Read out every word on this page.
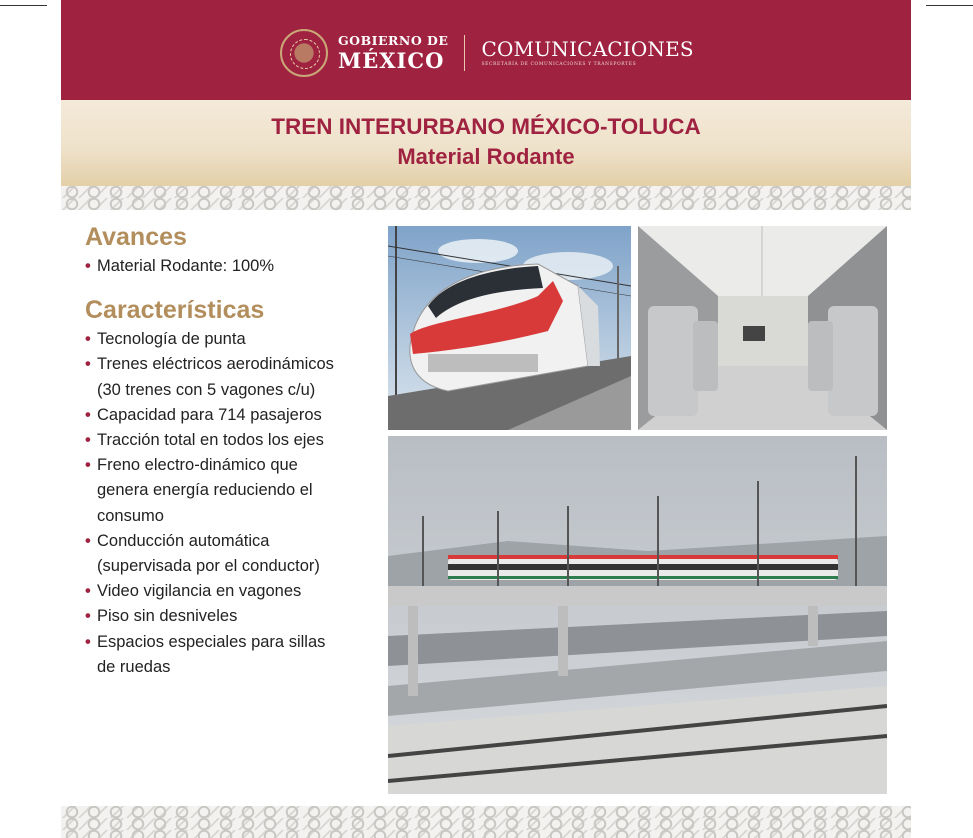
GOBIERNO DE
MÉXICO COMUNICACIONES
SECRETARÍA DE COMUNICACIONES Y TRANSPORTES
TREN INTERURBANO MÉXICO-TOLUCA
Material Rodante
Avances
• Material Rodante: 100%
Características
• Tecnología de punta
• Trenes eléctricos aerodinámicos
(30 trenes con 5 vagones c/u)
• Capacidad para 714 pasajeros
• Tracción total en todos los ejes
• Freno electro-dinámico que
genera energía reduciendo el
consumo
• Conducción automática
(supervisada por el conductor)
• Video vigilancia en vagones
• Piso sin desniveles
• Espacios especiales para sillas
de ruedas
